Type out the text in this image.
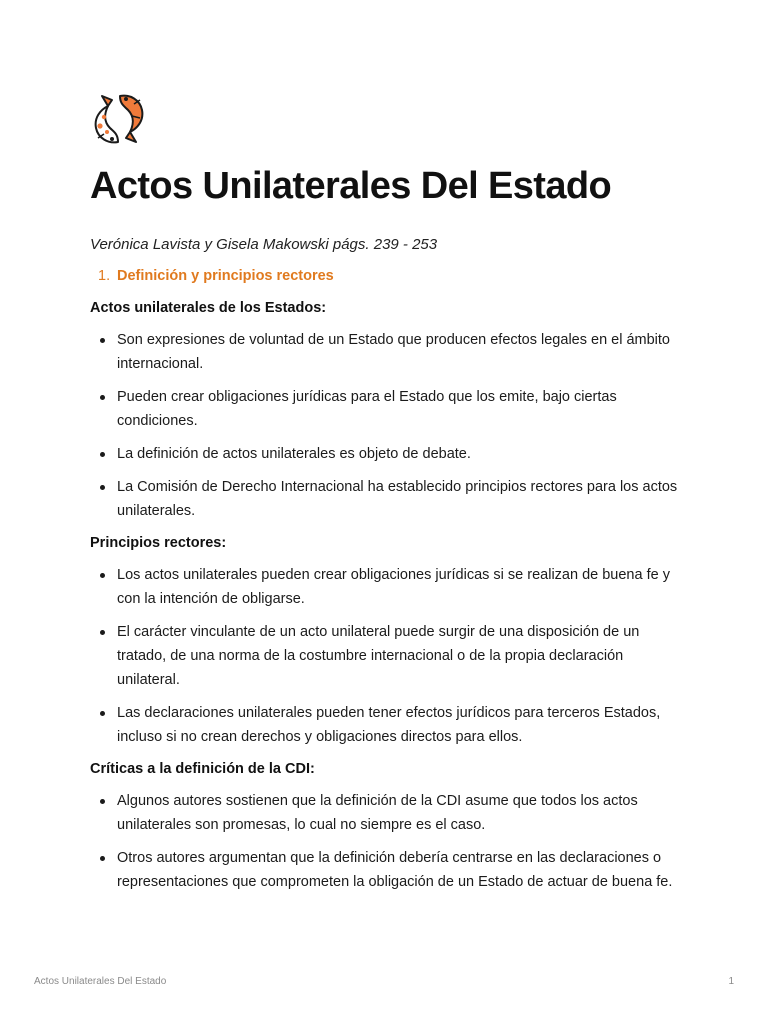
Actos Unilaterales Del Estado

Verónica Lavista y Gisela Makowski págs. 239 - 253

1. Definición y principios rectores

Actos unilaterales de los Estados:

Son expresiones de voluntad de un Estado que producen efectos legales en el ámbito internacional.
Pueden crear obligaciones jurídicas para el Estado que los emite, bajo ciertas condiciones.
La definición de actos unilaterales es objeto de debate.
La Comisión de Derecho Internacional ha establecido principios rectores para los actos unilaterales.

Principios rectores:

Los actos unilaterales pueden crear obligaciones jurídicas si se realizan de buena fe y con la intención de obligarse.
El carácter vinculante de un acto unilateral puede surgir de una disposición de un tratado, de una norma de la costumbre internacional o de la propia declaración unilateral.
Las declaraciones unilaterales pueden tener efectos jurídicos para terceros Estados, incluso si no crean derechos y obligaciones directos para ellos.

Críticas a la definición de la CDI:

Algunos autores sostienen que la definición de la CDI asume que todos los actos unilaterales son promesas, lo cual no siempre es el caso.
Otros autores argumentan que la definición debería centrarse en las declaraciones o representaciones que comprometen la obligación de un Estado de actuar de buena fe.
Actos Unilaterales Del Estado	1
